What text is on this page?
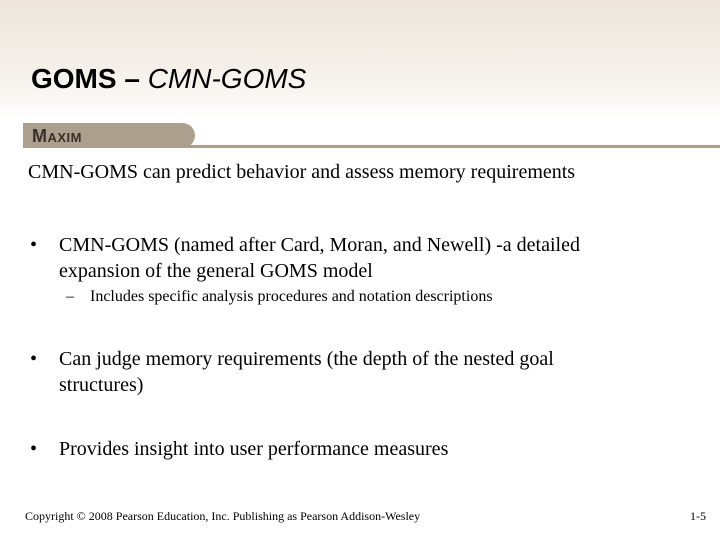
GOMS – CMN-GOMS
Maxim
CMN-GOMS can predict behavior and assess memory requirements
• CMN-GOMS (named after Card, Moran, and Newell) -a detailed
expansion of the general GOMS model
– Includes specific analysis procedures and notation descriptions
• Can judge memory requirements (the depth of the nested goal
structures)
• Provides insight into user performance measures
Copyright © 2008 Pearson Education, Inc. Publishing as Pearson Addison-Wesley	1-5
